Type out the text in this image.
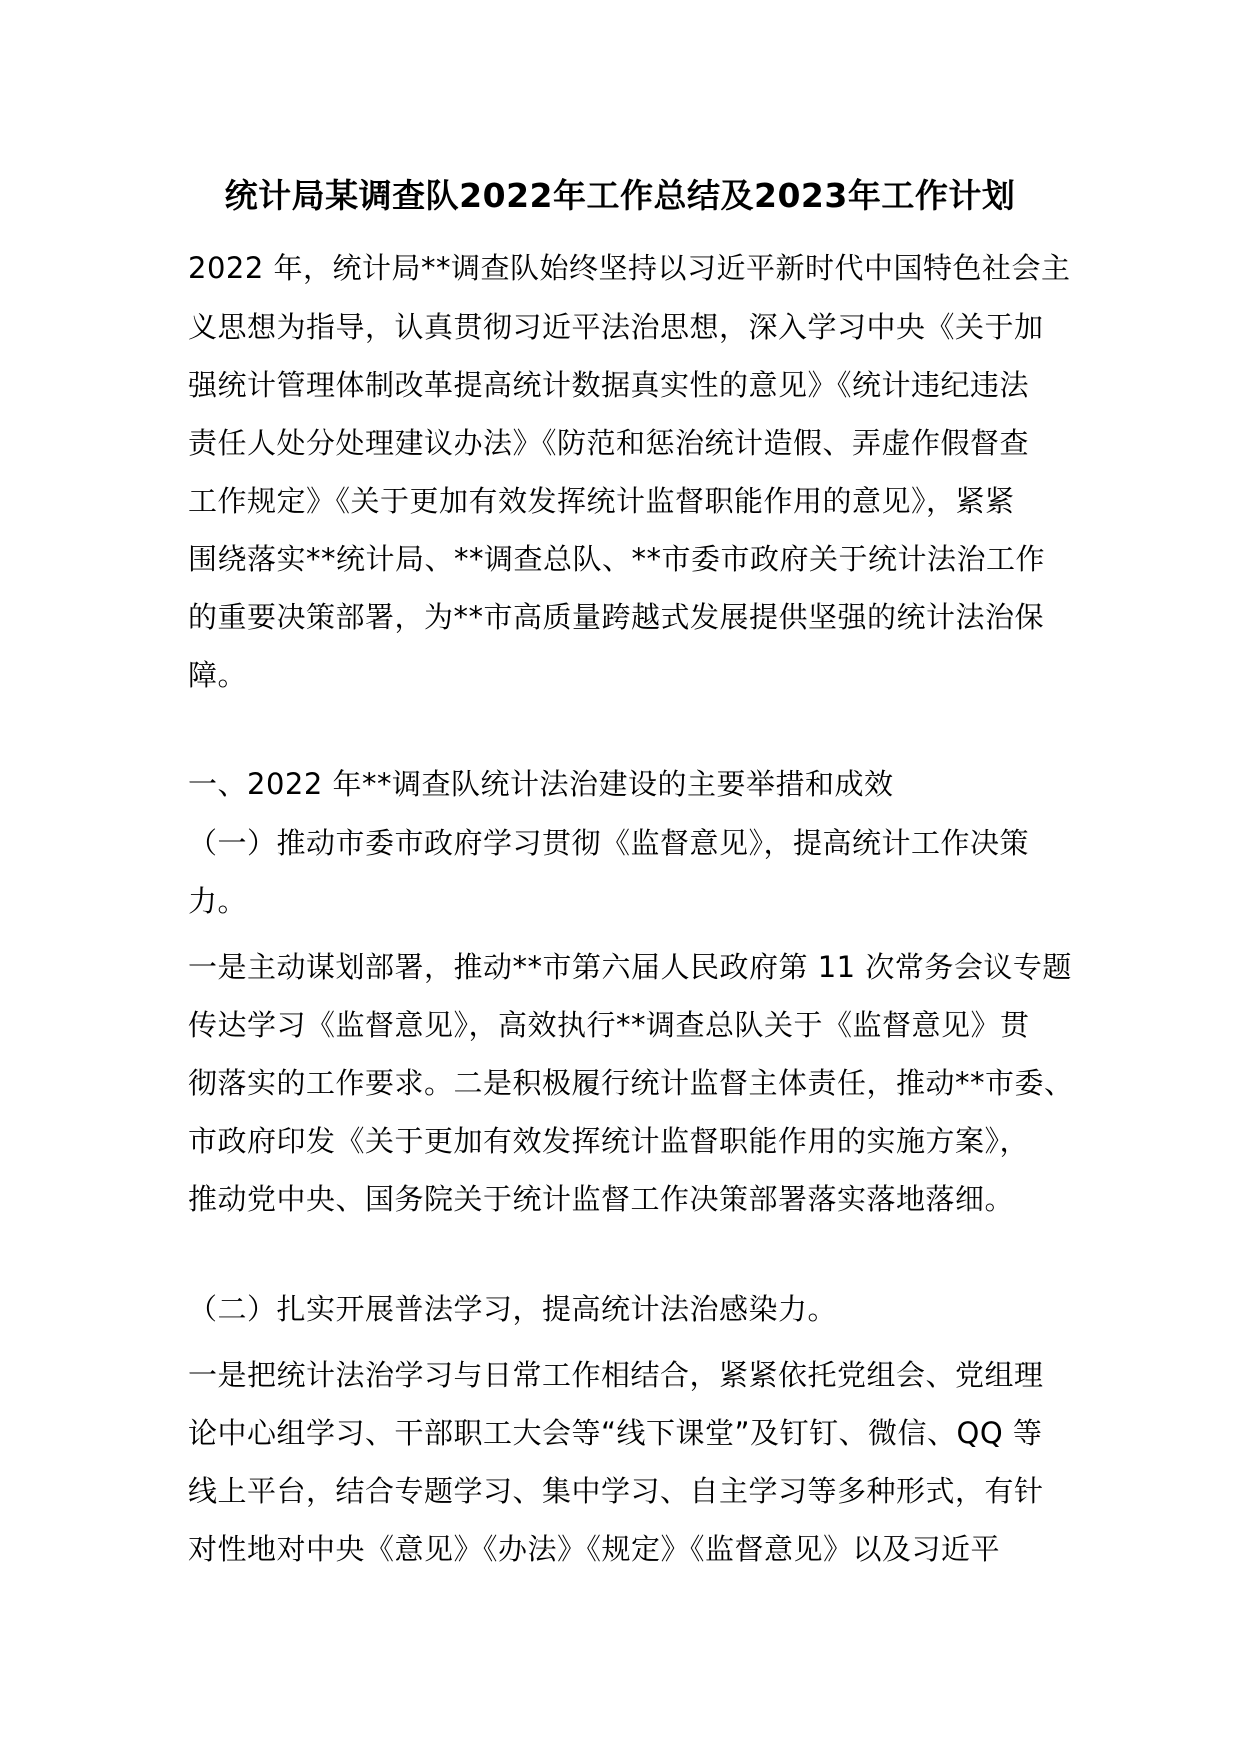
统计局某调查队2022年工作总结及2023年工作计划
2022 年，统计局**调查队始终坚持以习近平新时代中国特色社会主
义思想为指导，认真贯彻习近平法治思想，深入学习中央《关于加
强统计管理体制改革提高统计数据真实性的意见》《统计违纪违法
责任人处分处理建议办法》《防范和惩治统计造假、弄虚作假督查
工作规定》《关于更加有效发挥统计监督职能作用的意见》，紧紧
围绕落实**统计局、**调查总队、**市委市政府关于统计法治工作
的重要决策部署，为**市高质量跨越式发展提供坚强的统计法治保
障。
一、2022 年**调查队统计法治建设的主要举措和成效
（一）推动市委市政府学习贯彻《监督意见》，提高统计工作决策
力。
一是主动谋划部署，推动**市第六届人民政府第 11 次常务会议专题
传达学习《监督意见》，高效执行**调查总队关于《监督意见》贯
彻落实的工作要求。二是积极履行统计监督主体责任，推动**市委、
市政府印发《关于更加有效发挥统计监督职能作用的实施方案》，
推动党中央、国务院关于统计监督工作决策部署落实落地落细。
（二）扎实开展普法学习，提高统计法治感染力。
一是把统计法治学习与日常工作相结合，紧紧依托党组会、党组理
论中心组学习、干部职工大会等“线下课堂”及钉钉、微信、QQ 等
线上平台，结合专题学习、集中学习、自主学习等多种形式，有针
对性地对中央《意见》《办法》《规定》《监督意见》以及习近平
